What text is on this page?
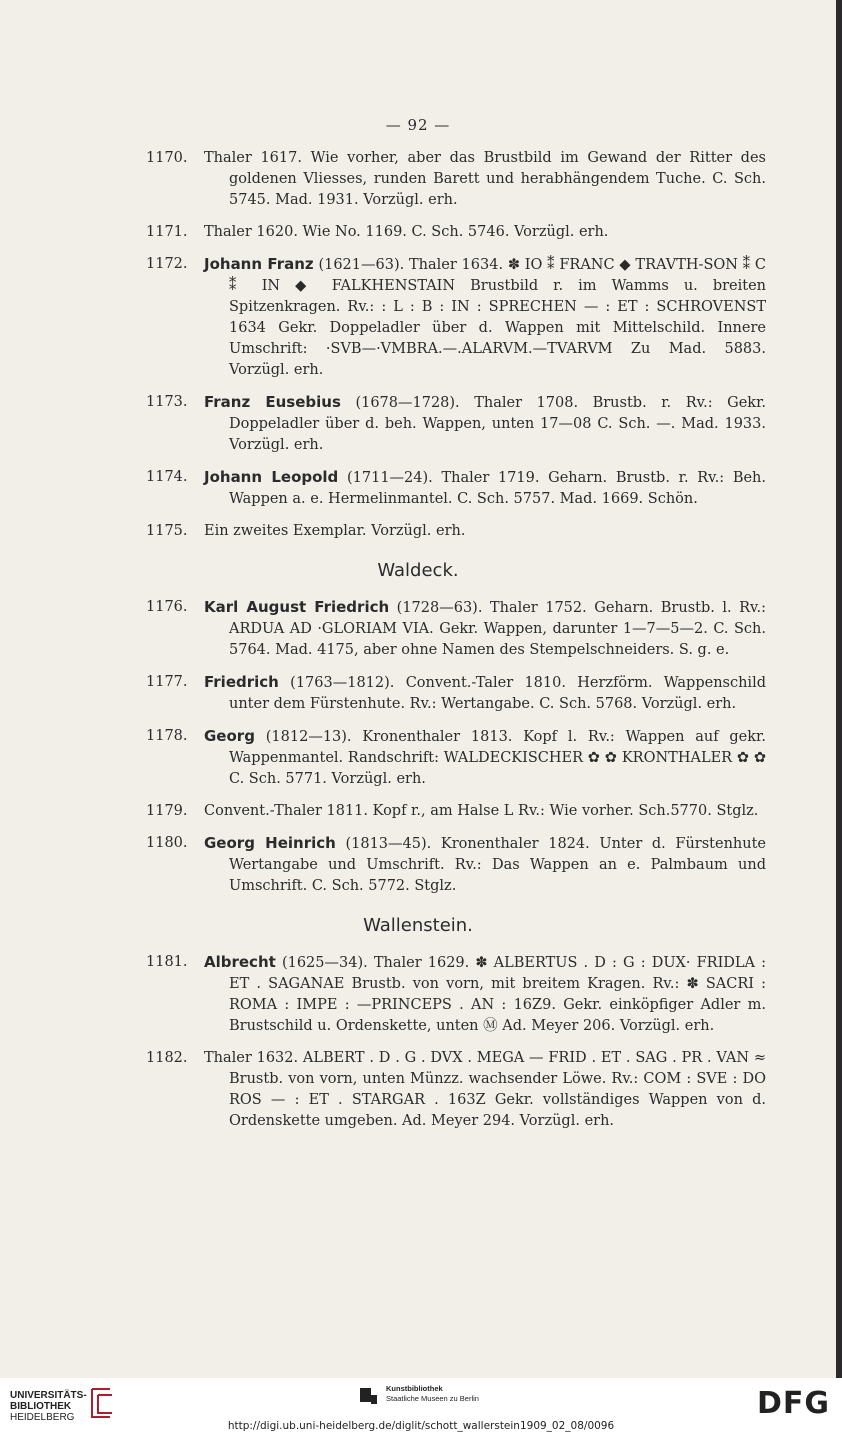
— 92 —
1170.	Thaler 1617. Wie vorher, aber das Brustbild im Gewand der Ritter des goldenen Vliesses, runden Barett und herabhängendem Tuche. C. Sch. 5745. Mad. 1931. Vorzügl. erh.
1171.	Thaler 1620. Wie No. 1169. C. Sch. 5746. Vorzügl. erh.
1172.	Johann Franz (1621—63). Thaler 1634. ✽ IO ⁑ FRANC ◆ TRAVTH-SON ⁑ C ⁑ IN ◆ FALKHENSTAIN Brustbild r. im Wamms u. breiten Spitzenkragen. Rv.: : L : B : IN : SPRECHEN — : ET : SCHROVENST 1634 Gekr. Doppeladler über d. Wappen mit Mittelschild. Innere Umschrift: ·SVB—·VMBRA.—.ALARVM.—TVARVM Zu Mad. 5883. Vorzügl. erh.
1173.	Franz Eusebius (1678—1728). Thaler 1708. Brustb. r. Rv.: Gekr. Doppeladler über d. beh. Wappen, unten 17—08 C. Sch. —. Mad. 1933. Vorzügl. erh.
1174.	Johann Leopold (1711—24). Thaler 1719. Geharn. Brustb. r. Rv.: Beh. Wappen a. e. Hermelinmantel. C. Sch. 5757. Mad. 1669. Schön.
1175.	Ein zweites Exemplar. Vorzügl. erh.
Waldeck.
1176.	Karl August Friedrich (1728—63). Thaler 1752. Geharn. Brustb. l. Rv.: ARDUA AD ·GLORIAM VIA. Gekr. Wappen, darunter 1—7—5—2. C. Sch. 5764. Mad. 4175, aber ohne Namen des Stempelschneiders. S. g. e.
1177.	Friedrich (1763—1812). Convent.-Taler 1810. Herzförm. Wappenschild unter dem Fürstenhute. Rv.: Wertangabe. C. Sch. 5768. Vorzügl. erh.
1178.	Georg (1812—13). Kronenthaler 1813. Kopf l. Rv.: Wappen auf gekr. Wappenmantel. Randschrift: WALDECKISCHER ✿ ✿ KRONTHALER ✿ ✿ C. Sch. 5771. Vorzügl. erh.
1179.	Convent.-Thaler 1811. Kopf r., am Halse L Rv.: Wie vorher. Sch.5770. Stglz.
1180.	Georg Heinrich (1813—45). Kronenthaler 1824. Unter d. Fürstenhute Wertangabe und Umschrift. Rv.: Das Wappen an e. Palmbaum und Umschrift. C. Sch. 5772. Stglz.
Wallenstein.
1181.	Albrecht (1625—34). Thaler 1629. ✽ ALBERTUS . D : G : DUX· FRIDLA : ET . SAGANAE Brustb. von vorn, mit breitem Kragen. Rv.: ✽ SACRI : ROMA : IMPE : —PRINCEPS . AN : 16Z9. Gekr. einköpfiger Adler m. Brustschild u. Ordenskette, unten Ⓜ Ad. Meyer 206. Vorzügl. erh.
1182.	Thaler 1632. ALBERT . D . G . DVX . MEGA — FRID . ET . SAG . PR . VAN ≈ Brustb. von vorn, unten Münzz. wachsender Löwe. Rv.: COM : SVE : DO ROS — : ET . STARGAR . 163Z Gekr. vollständiges Wappen von d. Ordenskette umgeben. Ad. Meyer 294. Vorzügl. erh.
UNIVERSITÄTS-
BIBLIOTHEK
HEIDELBERG
Kunstbibliothek
Staatliche Museen zu Berlin	DFG
http://digi.ub.uni-heidelberg.de/diglit/schott_wallerstein1909_02_08/0096
